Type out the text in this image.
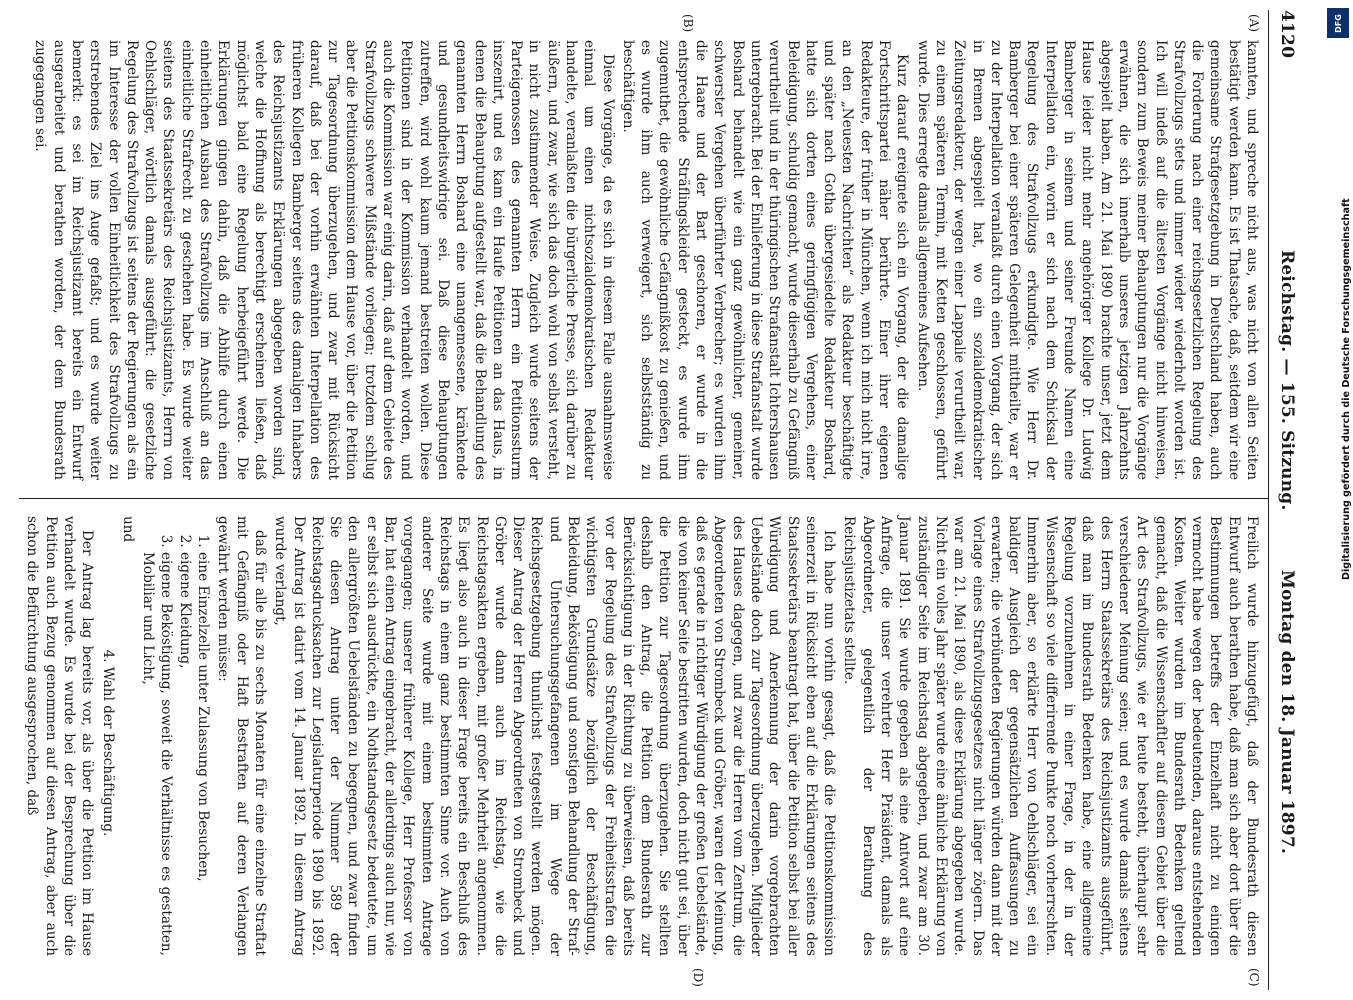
4120
Reichstag. — 155. Sitzung.
Montag den 18. Januar 1897.
(A)
(B)
(C)
(D)

kannten, und spreche nicht aus, was nicht von allen Seiten bestätigt werden kann. Es ist Thatsache, daß, seitdem wir eine gemeinsame Strafgesetzgebung in Deutschland haben, auch die Forderung nach einer reichsgesetzlichen Regelung des Strafvollzugs stets und immer wieder wiederholt worden ist. Ich will indeß auf die ältesten Vorgänge nicht hinweisen, sondern zum Beweis meiner Behauptungen nur die Vorgänge erwähnen, die sich innerhalb unseres jetzigen Jahrzehnts abgespielt haben. Am 21. Mai 1890 brachte unser, jetzt dem Hause leider nicht mehr angehöriger Kollege Dr. Ludwig Bamberger in seinem und seiner Freunde Namen eine Interpellation ein, worin er sich nach dem Schicksal der Regelung des Strafvollzugs erkundigte. Wie Herr Dr. Bamberger bei einer späteren Gelegenheit mittheilte, war er zu der Interpellation veranlaßt durch einen Vorgang, der sich in Bremen abgespielt hat, wo ein sozialdemokratischer Zeitungsredakteur, der wegen einer Lappalie verurtheilt war, zu einem späteren Termin, mit Ketten geschlossen, geführt wurde. Dies erregte damals allgemeines Aufsehen.

Kurz darauf ereignete sich ein Vorgang, der die damalige Fortschrittspartei näher berührte. Einer ihrer eigenen Redakteure, der früher in München, wenn ich mich nicht irre, an den „Neuesten Nachrichten“ als Redakteur beschäftigte und später nach Gotha übergesiedelte Redakteur Boshard, hatte sich dorten eines geringfügigen Vergehens, einer Beleidigung, schuldig gemacht, wurde dieserhalb zu Gefängniß verurtheilt und in der thüringischen Strafanstalt Ichtershausen untergebracht. Bei der Einlieferung in diese Strafanstalt wurde Boshard behandelt wie ein ganz gewöhnlicher, gemeiner, schwerster Vergehen überführter Verbrecher; es wurden ihm die Haare und der Bart geschoren, er wurde in die entsprechende Sträflingskleider gesteckt, es wurde ihm zugemuthet, die gewöhnliche Gefängnißkost zu genießen, und es wurde ihm auch verweigert, sich selbstständig zu beschäftigen.

Diese Vorgänge, da es sich in diesem Falle ausnahmsweise einmal um einen nichtsozialdemokratischen Redakteur handelte, veranlaßten die bürgerliche Presse, sich darüber zu äußern, und zwar, wie sich das doch wohl von selbst versteht, in nicht zustimmender Weise. Zugleich wurde seitens der Parteigenossen des genannten Herrn ein Petitionssturm inszenirt, und es kam ein Haufe Petitionen an das Haus, in denen die Behauptung aufgestellt war, daß die Behandlung des genannten Herrn Boshard eine unangemessene, kränkende und gesundheitswidrige sei. Daß diese Behauptungen zutreffen, wird wohl kaum jemand bestreiten wollen. Diese Petitionen sind in der Kommission verhandelt worden, und auch die Kommission war einig darin, daß auf dem Gebiete des Strafvollzugs schwere Mißstände vorliegen; trotzdem schlug aber die Petitionskommission dem Hause vor, über die Petition zur Tagesordnung überzugehen, und zwar mit Rücksicht darauf, daß bei der vorhin erwähnten Interpellation des früheren Kollegen Bamberger seitens des damaligen Inhabers des Reichsjustizamts Erklärungen abgegeben worden sind, welche die Hoffnung als berechtigt erscheinen ließen, daß möglichst bald eine Regelung herbeigeführt werde. Die Erklärungen gingen dahin, daß die Abhilfe durch einen einheitlichen Ausbau des Strafvollzugs im Anschluß an das einheitliche Strafrecht zu geschehen habe. Es wurde weiter seitens des Staatssekretärs des Reichsjustizamts, Herrn von Oehlschläger, wörtlich damals ausgeführt: die gesetzliche Regelung des Strafvollzugs ist seitens der Regierungen als ein im Interesse der vollen Einheitlichkeit des Strafvollzugs zu erstrebendes Ziel ins Auge gefaßt; und es wurde weiter bemerkt: es sei im Reichsjustizamt bereits ein Entwurf ausgearbeitet und berathen worden, der dem Bundesrath zugegangen sei.

Freilich wurde hinzugefügt, daß der Bundesrath diesen Entwurf auch berathen habe, daß man sich aber dort über die Bestimmungen betreffs der Einzelhaft nicht zu einigen vermocht habe wegen der bedeutenden, daraus entstehenden Kosten. Weiter wurden im Bundesrath Bedenken geltend gemacht, daß die Wissenschaftler auf diesem Gebiet über die Art des Strafvollzugs, wie er heute besteht, überhaupt sehr verschiedener Meinung seien; und es wurde damals seitens des Herrn Staatssekretärs des Reichsjustizamts ausgeführt, daß man im Bundesrath Bedenken habe, eine allgemeine Regelung vorzunehmen in einer Frage, in der in der Wissenschaft so viele differirende Punkte noch vorherrschten. Immerhin aber, so erklärte Herr von Oehlschläger, sei ein baldiger Ausgleich der gegensätzlichen Auffassungen zu erwarten; die verbündeten Regierungen würden dann mit der Vorlage eines Strafvollzugsgesetzes nicht länger zögern. Das war am 21. Mai 1890, als diese Erklärung abgegeben wurde. Nicht ein volles Jahr später wurde eine ähnliche Erklärung von zuständiger Seite im Reichstag abgegeben, und zwar am 30. Januar 1891. Sie wurde gegeben als eine Antwort auf eine Anfrage, die unser verehrter Herr Präsident, damals als Abgeordneter, gelegentlich der Berathung des Reichsjustizetats stellte.

Ich habe nun vorhin gesagt, daß die Petitionskommission seinerzeit in Rücksicht eben auf die Erklärungen seitens des Staatssekretärs beantragt hat, über die Petition selbst bei aller Würdigung und Anerkennung der darin vorgebrachten Uebelstände doch zur Tagesordnung überzugehen. Mitglieder des Hauses dagegen, und zwar die Herren vom Zentrum, die Abgeordneten von Strombeck und Gröber, waren der Meinung, daß es gerade in richtiger Würdigung der großen Uebelstände, die von keiner Seite bestritten wurden, doch nicht gut sei, über die Petition zur Tagesordnung überzugehen. Sie stellten deshalb den Antrag, die Petition dem Bundesrath zur Berücksichtigung in der Richtung zu überweisen, daß bereits vor der Regelung des Strafvollzugs der Freiheitsstrafen die wichtigsten Grundsätze bezüglich der Beschäftigung, Bekleidung, Beköstigung und sonstigen Behandlung der Straf- und Untersuchungsgefangenen im Wege der Reichsgesetzgebung thunlichst festgestellt werden mögen. Dieser Antrag der Herren Abgeordneten von Strombeck und Gröber wurde dann auch im Reichstag, wie die Reichstagsakten ergeben, mit großer Mehrheit angenommen. Es liegt also auch in dieser Frage bereits ein Beschluß des Reichstags in einem ganz bestimmten Sinne vor. Auch von anderer Seite wurde mit einem bestimmten Antrage vorgegangen; unserer früherer Kollege, Herr Professor von Bar, hat einen Antrag eingebracht, der allerdings auch nur, wie er selbst sich ausdrückte, ein Nothstandsgesetz bedeutete, um den allergrößten Uebelständen zu begegnen, und zwar finden Sie diesen Antrag unter der Nummer 589 der Reichstagsdrucksachen zur Legislaturperiode 1890 bis 1892. Der Antrag ist datirt vom 14. Januar 1892. In diesem Antrag wurde verlangt,

daß für alle bis zu sechs Monaten für eine einzelne Straftat mit Gefängniß oder Haft Bestraften auf deren Verlangen gewährt werden müsse:

1. eine Einzelzelle unter Zulassung von Besuchen,
2. eigene Kleidung,
3. eigene Beköstigung, soweit die Verhältnisse es gestatten, Mobiliar und Licht,

und

4. Wahl der Beschäftigung.

Der Antrag lag bereits vor, als über die Petition im Hause verhandelt wurde. Es wurde bei der Besprechung über die Petition auch Bezug genommen auf diesen Antrag, aber auch schon die Befürchtung ausgesprochen, daß

DFG
Digitalisierung gefördert durch die Deutsche Forschungsgemeinschaft
